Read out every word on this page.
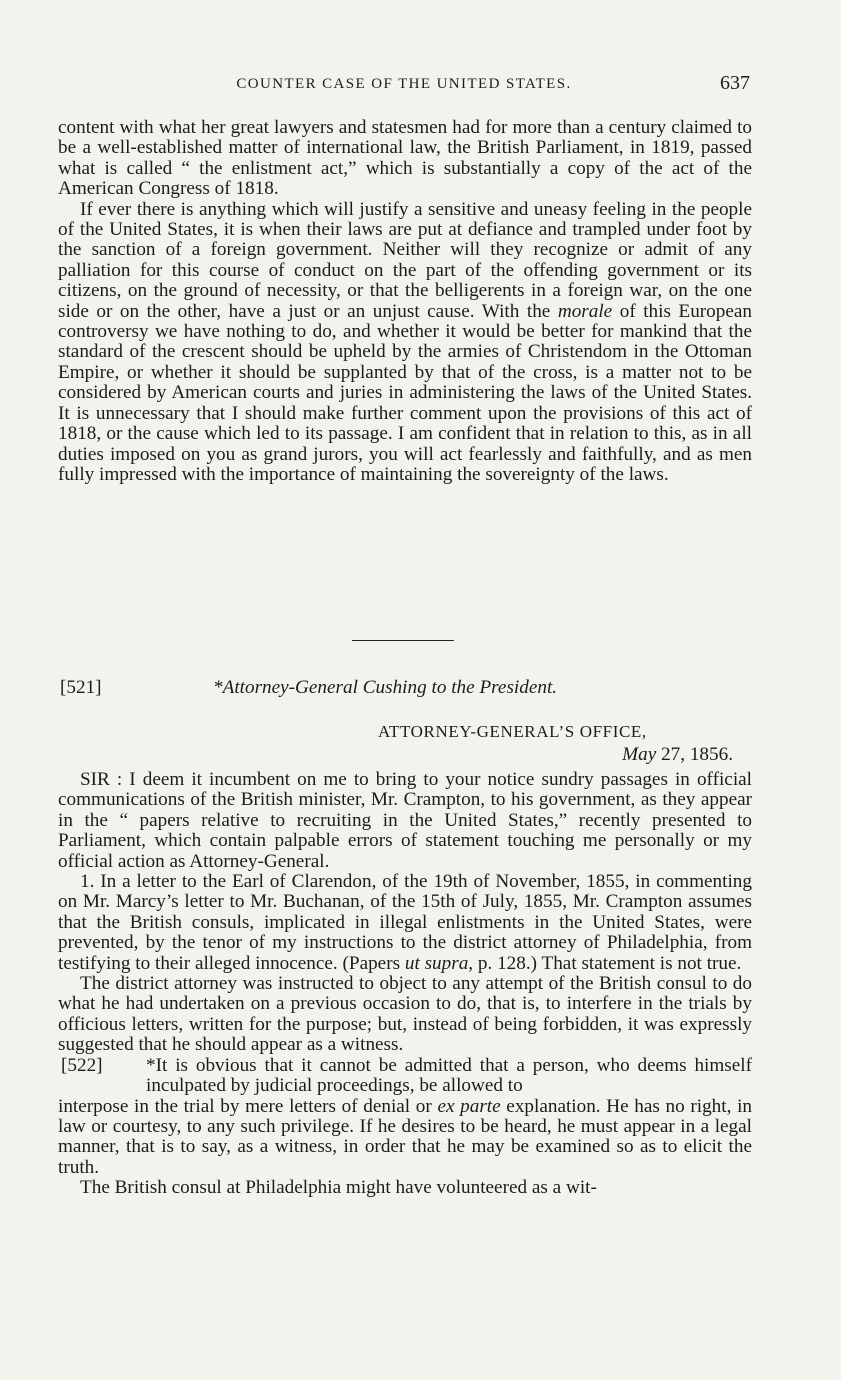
COUNTER CASE OF THE UNITED STATES.	637

content with what her great lawyers and statesmen had for more than a century claimed to be a well-established matter of international law, the British Parliament, in 1819, passed what is called “ the enlistment act,” which is substantially a copy of the act of the American Congress of 1818.

If ever there is anything which will justify a sensitive and uneasy feeling in the people of the United States, it is when their laws are put at defiance and trampled under foot by the sanction of a foreign government. Neither will they recognize or admit of any palliation for this course of conduct on the part of the offending government or its citizens, on the ground of necessity, or that the belligerents in a foreign war, on the one side or on the other, have a just or an unjust cause. With the morale of this European controversy we have nothing to do, and whether it would be better for mankind that the standard of the crescent should be upheld by the armies of Christendom in the Ottoman Empire, or whether it should be supplanted by that of the cross, is a matter not to be considered by American courts and juries in administering the laws of the United States. It is unnecessary that I should make further comment upon the provisions of this act of 1818, or the cause which led to its passage. I am confident that in relation to this, as in all duties imposed on you as grand jurors, you will act fearlessly and faithfully, and as men fully impressed with the importance of maintaining the sovereignty of the laws.

[521]	*Attorney-General Cushing to the President.
ATTORNEY-GENERAL’S OFFICE,
May 27, 1856.

SIR : I deem it incumbent on me to bring to your notice sundry passages in official communications of the British minister, Mr. Crampton, to his government, as they appear in the “ papers relative to recruiting in the United States,” recently presented to Parliament, which contain palpable errors of statement touching me personally or my official action as Attorney-General.

1. In a letter to the Earl of Clarendon, of the 19th of November, 1855, in commenting on Mr. Marcy’s letter to Mr. Buchanan, of the 15th of July, 1855, Mr. Crampton assumes that the British consuls, implicated in illegal enlistments in the United States, were prevented, by the tenor of my instructions to the district attorney of Philadelphia, from testifying to their alleged innocence. (Papers ut supra, p. 128.) That statement is not true.

The district attorney was instructed to object to any attempt of the British consul to do what he had undertaken on a previous occasion to do, that is, to interfere in the trials by officious letters, written for the purpose; but, instead of being forbidden, it was expressly suggested that he should appear as a witness.

[522] *It is obvious that it cannot be admitted that a person, who deems himself inculpated by judicial proceedings, be allowed to

interpose in the trial by mere letters of denial or ex parte explanation. He has no right, in law or courtesy, to any such privilege. If he desires to be heard, he must appear in a legal manner, that is to say, as a witness, in order that he may be examined so as to elicit the truth.

The British consul at Philadelphia might have volunteered as a wit-
